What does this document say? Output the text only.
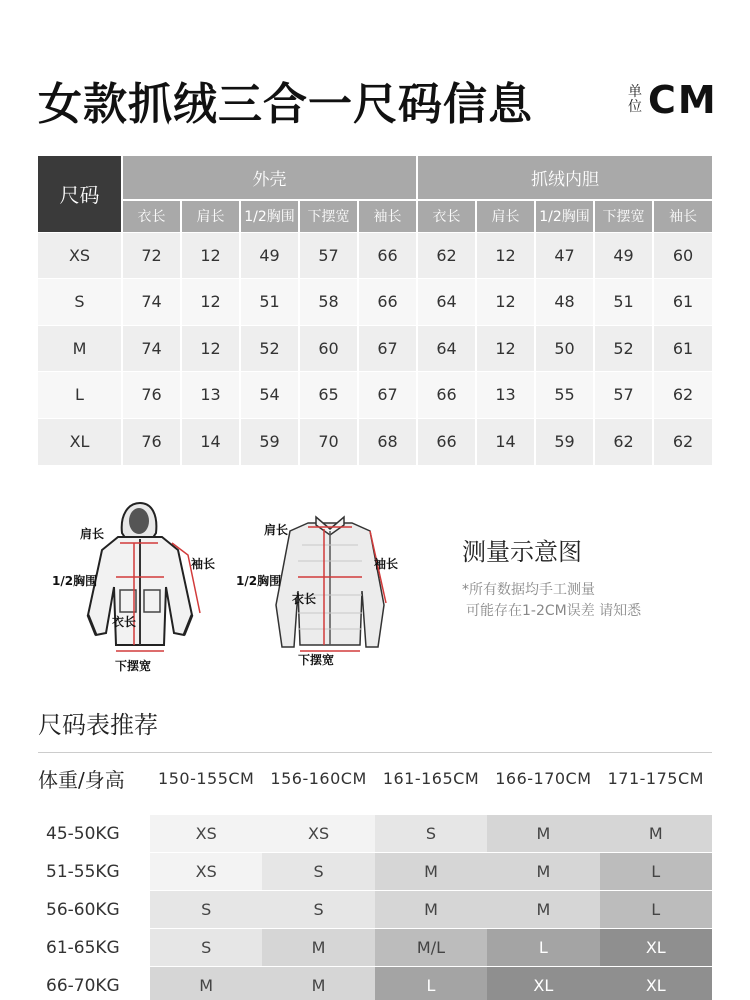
女款抓绒三合一尺码信息	单
位 CM
尺码	外壳					抓绒内胆				
	衣长	肩长	1/2胸围	下摆宽	袖长	衣长	肩长	1/2胸围	下摆宽	袖长
XS	72	12	49	57	66	62	12	47	49	60
S	74	12	51	58	66	64	12	48	51	61
M	74	12	52	60	67	64	12	50	52	61
L	76	13	54	65	67	66	13	55	57	62
XL	76	14	59	70	68	66	14	59	62	62
肩长
袖长
1/2胸围
衣长
下摆宽
肩长
袖长
1/2胸围
衣长
下摆宽
测量示意图
*所有数据均手工测量
可能存在1-2CM误差 请知悉
尺码表推荐
体重/身高	150-155CM	156-160CM	161-165CM	166-170CM	171-175CM
45-50KG	XS	XS	S	M	M
51-55KG	XS	S	M	M	L
56-60KG	S	S	M	M	L
61-65KG	S	M	M/L	L	XL
66-70KG	M	M	L	XL	XL
